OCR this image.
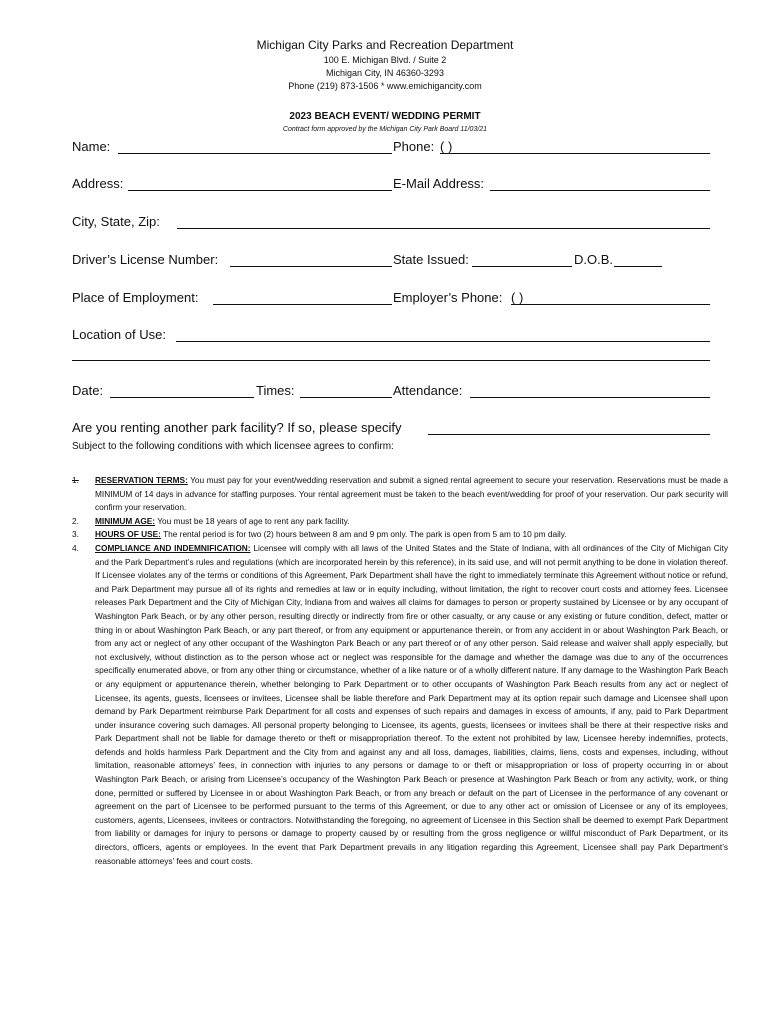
Michigan City Parks and Recreation Department
100 E. Michigan Blvd. / Suite 2
Michigan City, IN 46360-3293
Phone (219) 873-1506 * www.emichigancity.com
2023 BEACH EVENT/ WEDDING PERMIT
Contract form approved by the Michigan City Park Board 11/03/21
Name:	Phone: ( )
Address:	E-Mail Address:
City, State, Zip:
Driver’s License Number:	State Issued:	D.O.B.
Place of Employment:	Employer’s Phone: ( )
Location of Use:
Date:	Times:	Attendance:
Are you renting another park facility? If so, please specify
Subject to the following conditions with which licensee agrees to confirm:
1. RESERVATION TERMS: You must pay for your event/wedding reservation and submit a signed rental agreement to secure your reservation. Reservations must be made a MINIMUM of 14 days in advance for staffing purposes. Your rental agreement must be taken to the beach event/wedding for proof of your reservation. Our park security will confirm your reservation.
2. MINIMUM AGE: You must be 18 years of age to rent any park facility.
3. HOURS OF USE: The rental period is for two (2) hours between 8 am and 9 pm only. The park is open from 5 am to 10 pm daily.
4. COMPLIANCE AND INDEMNIFICATION: Licensee will comply with all laws of the United States and the State of Indiana, with all ordinances of the City of Michigan City and the Park Department’s rules and regulations (which are incorporated herein by this reference), in its said use, and will not permit anything to be done in violation thereof. If Licensee violates any of the terms or conditions of this Agreement, Park Department shall have the right to immediately terminate this Agreement without notice or refund, and Park Department may pursue all of its rights and remedies at law or in equity including, without limitation, the right to recover court costs and attorney fees. Licensee releases Park Department and the City of Michigan City, Indiana from and waives all claims for damages to person or property sustained by Licensee or by any occupant of Washington Park Beach, or by any other person, resulting directly or indirectly from fire or other casualty, or any cause or any existing or future condition, defect, matter or thing in or about Washington Park Beach, or any part thereof, or from any equipment or appurtenance therein, or from any accident in or about Washington Park Beach, or from any act or neglect of any other occupant of the Washington Park Beach or any part thereof or of any other person. Said release and waiver shall apply especially, but not exclusively, without distinction as to the person whose act or neglect was responsible for the damage and whether the damage was due to any of the occurrences specifically enumerated above, or from any other thing or circumstance, whether of a like nature or of a wholly different nature. If any damage to the Washington Park Beach or any equipment or appurtenance therein, whether belonging to Park Department or to other occupants of Washington Park Beach results from any act or neglect of Licensee, its agents, guests, licensees or invitees, Licensee shall be liable therefore and Park Department may at its option repair such damage and Licensee shall upon demand by Park Department reimburse Park Department for all costs and expenses of such repairs and damages in excess of amounts, if any, paid to Park Department under insurance covering such damages. All personal property belonging to Licensee, its agents, guests, licensees or invitees shall be there at their respective risks and Park Department shall not be liable for damage thereto or theft or misappropriation thereof. To the extent not prohibited by law, Licensee hereby indemnifies, protects, defends and holds harmless Park Department and the City from and against any and all loss, damages, liabilities, claims, liens, costs and expenses, including, without limitation, reasonable attorneys’ fees, in connection with injuries to any persons or damage to or theft or misappropriation or loss of property occurring in or about Washington Park Beach, or arising from Licensee’s occupancy of the Washington Park Beach or presence at Washington Park Beach or from any activity, work, or thing done, permitted or suffered by Licensee in or about Washington Park Beach, or from any breach or default on the part of Licensee in the performance of any covenant or agreement on the part of Licensee to be performed pursuant to the terms of this Agreement, or due to any other act or omission of Licensee or any of its employees, customers, agents, Licensees, invitees or contractors. Notwithstanding the foregoing, no agreement of Licensee in this Section shall be deemed to exempt Park Department from liability or damages for injury to persons or damage to property caused by or resulting from the gross negligence or willful misconduct of Park Department, or its directors, officers, agents or employees. In the event that Park Department prevails in any litigation regarding this Agreement, Licensee shall pay Park Department’s reasonable attorneys’ fees and court costs.
